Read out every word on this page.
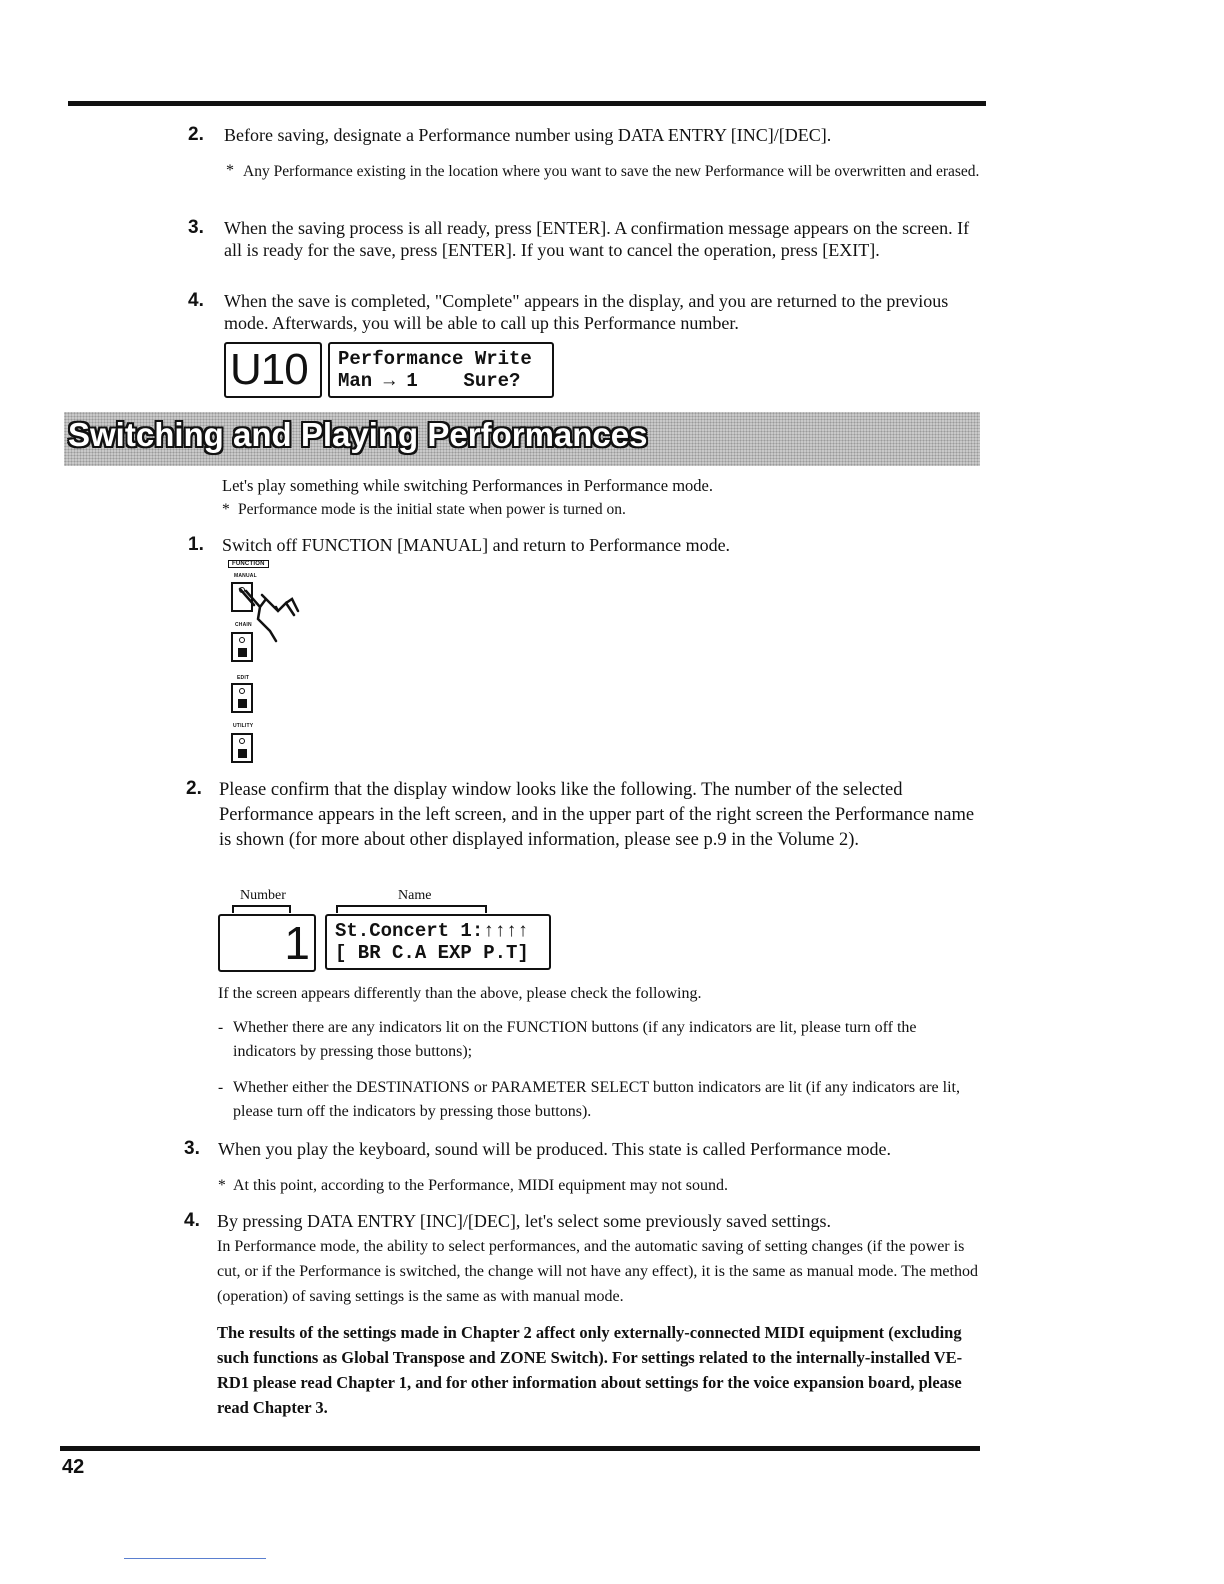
2. Before saving, designate a Performance number using DATA ENTRY [INC]/[DEC].
* Any Performance existing in the location where you want to save the new Performance will be overwritten and erased.
3. When the saving process is all ready, press [ENTER]. A confirmation message appears on the screen. If all is ready for the save, press [ENTER]. If you want to cancel the operation, press [EXIT].
4. When the save is completed, "Complete" appears in the display, and you are returned to the previous mode. Afterwards, you will be able to call up this Performance number.
U10 Performance Write
Man → 1    Sure?
Switching and Playing Performances
Let's play something while switching Performances in Performance mode.
* Performance mode is the initial state when power is turned on.
1. Switch off FUNCTION [MANUAL] and return to Performance mode.
FUNCTION
MANUAL
CHAIN
EDIT
UTILITY
2. Please confirm that the display window looks like the following. The number of the selected Performance appears in the left screen, and in the upper part of the right screen the Performance name is shown (for more about other displayed information, please see p.9 in the Volume 2).
Number	Name
1 St.Concert 1:↑↑↑↑
[ BR C.A EXP P.T]
If the screen appears differently than the above, please check the following.
- Whether there are any indicators lit on the FUNCTION buttons (if any indicators are lit, please turn off the indicators by pressing those buttons);
- Whether either the DESTINATIONS or PARAMETER SELECT button indicators are lit (if any indicators are lit, please turn off the indicators by pressing those buttons).
3. When you play the keyboard, sound will be produced. This state is called Performance mode.
* At this point, according to the Performance, MIDI equipment may not sound.
4. By pressing DATA ENTRY [INC]/[DEC], let's select some previously saved settings.
In Performance mode, the ability to select performances, and the automatic saving of setting changes (if the power is cut, or if the Performance is switched, the change will not have any effect), it is the same as manual mode. The method (operation) of saving settings is the same as with manual mode.
The results of the settings made in Chapter 2 affect only externally-connected MIDI equipment (excluding such functions as Global Transpose and ZONE Switch). For settings related to the internally-installed VE-RD1 please read Chapter 1, and for other information about settings for the voice expansion board, please read Chapter 3.
42
